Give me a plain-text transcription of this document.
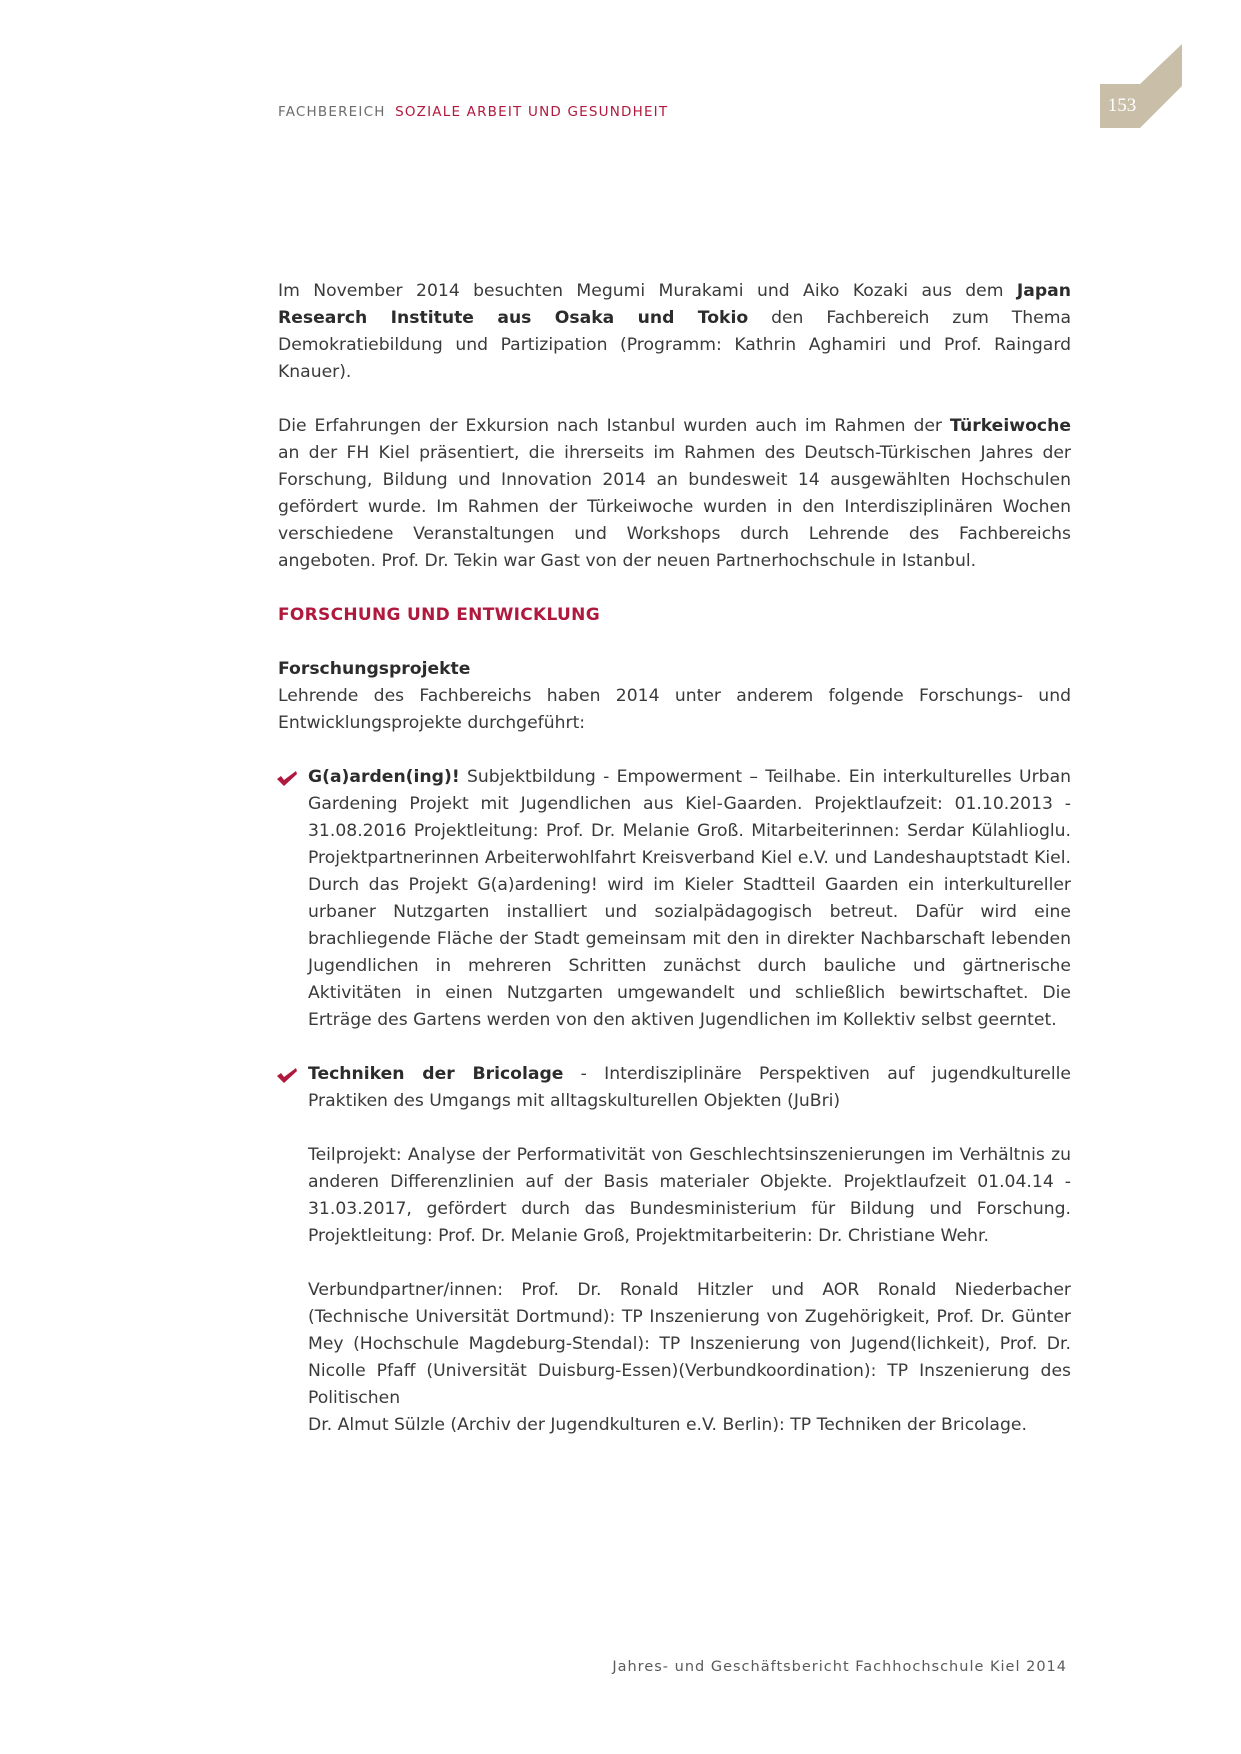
FACHBEREICH SOZIALE ARBEIT UND GESUNDHEIT	153

Im November 2014 besuchten Megumi Murakami und Aiko Kozaki aus dem Japan Research Institute aus Osaka und Tokio den Fachbereich zum Thema Demokratiebildung und Partizipation (Programm: Kathrin Aghamiri und Prof. Raingard Knauer).

Die Erfahrungen der Exkursion nach Istanbul wurden auch im Rahmen der Türkeiwoche an der FH Kiel präsentiert, die ihrerseits im Rahmen des Deutsch-Türkischen Jahres der Forschung, Bildung und Innovation 2014 an bundesweit 14 ausgewählten Hochschulen gefördert wurde. Im Rahmen der Türkeiwoche wurden in den Interdisziplinären Wochen verschiedene Veranstaltungen und Workshops durch Lehrende des Fachbereichs angeboten. Prof. Dr. Tekin war Gast von der neuen Partnerhochschule in Istanbul.

FORSCHUNG UND ENTWICKLUNG
Forschungsprojekte

Lehrende des Fachbereichs haben 2014 unter anderem folgende Forschungs- und Entwicklungsprojekte durchgeführt:

G(a)arden(ing)! Subjektbildung - Empowerment – Teilhabe. Ein interkulturelles Urban Gardening Projekt mit Jugendlichen aus Kiel-Gaarden. Projektlaufzeit: 01.10.2013 - 31.08.2016 Projektleitung: Prof. Dr. Melanie Groß. Mitarbeiterinnen: Serdar Külahlioglu. Projektpartnerinnen Arbeiterwohlfahrt Kreisverband Kiel e.V. und Landeshauptstadt Kiel. Durch das Projekt G(a)ardening! wird im Kieler Stadtteil Gaarden ein interkultureller urbaner Nutzgarten installiert und sozialpädagogisch betreut. Dafür wird eine brachliegende Fläche der Stadt gemeinsam mit den in direkter Nachbarschaft lebenden Jugendlichen in mehreren Schritten zunächst durch bauliche und gärtnerische Aktivitäten in einen Nutzgarten umgewandelt und schließlich bewirtschaftet. Die Erträge des Gartens werden von den aktiven Jugendlichen im Kollektiv selbst geerntet.

Techniken der Bricolage - Interdisziplinäre Perspektiven auf jugendkulturelle Praktiken des Umgangs mit alltagskulturellen Objekten (JuBri)

Teilprojekt: Analyse der Performativität von Geschlechtsinszenierungen im Verhältnis zu anderen Differenzlinien auf der Basis materialer Objekte. Projektlaufzeit 01.04.14 - 31.03.2017, gefördert durch das Bundesministerium für Bildung und Forschung. Projektleitung: Prof. Dr. Melanie Groß, Projektmitarbeiterin: Dr. Christiane Wehr.

Verbundpartner/innen: Prof. Dr. Ronald Hitzler und AOR Ronald Niederbacher (Technische Universität Dortmund): TP Inszenierung von Zugehörigkeit, Prof. Dr. Günter Mey (Hochschule Magdeburg-Stendal): TP Inszenierung von Jugend(lichkeit), Prof. Dr. Nicolle Pfaff (Universität Duisburg-Essen)(Verbundkoordination): TP Inszenierung des Politischen
Dr. Almut Sülzle (Archiv der Jugendkulturen e.V. Berlin): TP Techniken der Bricolage.

Jahres- und Geschäftsbericht Fachhochschule Kiel 2014
